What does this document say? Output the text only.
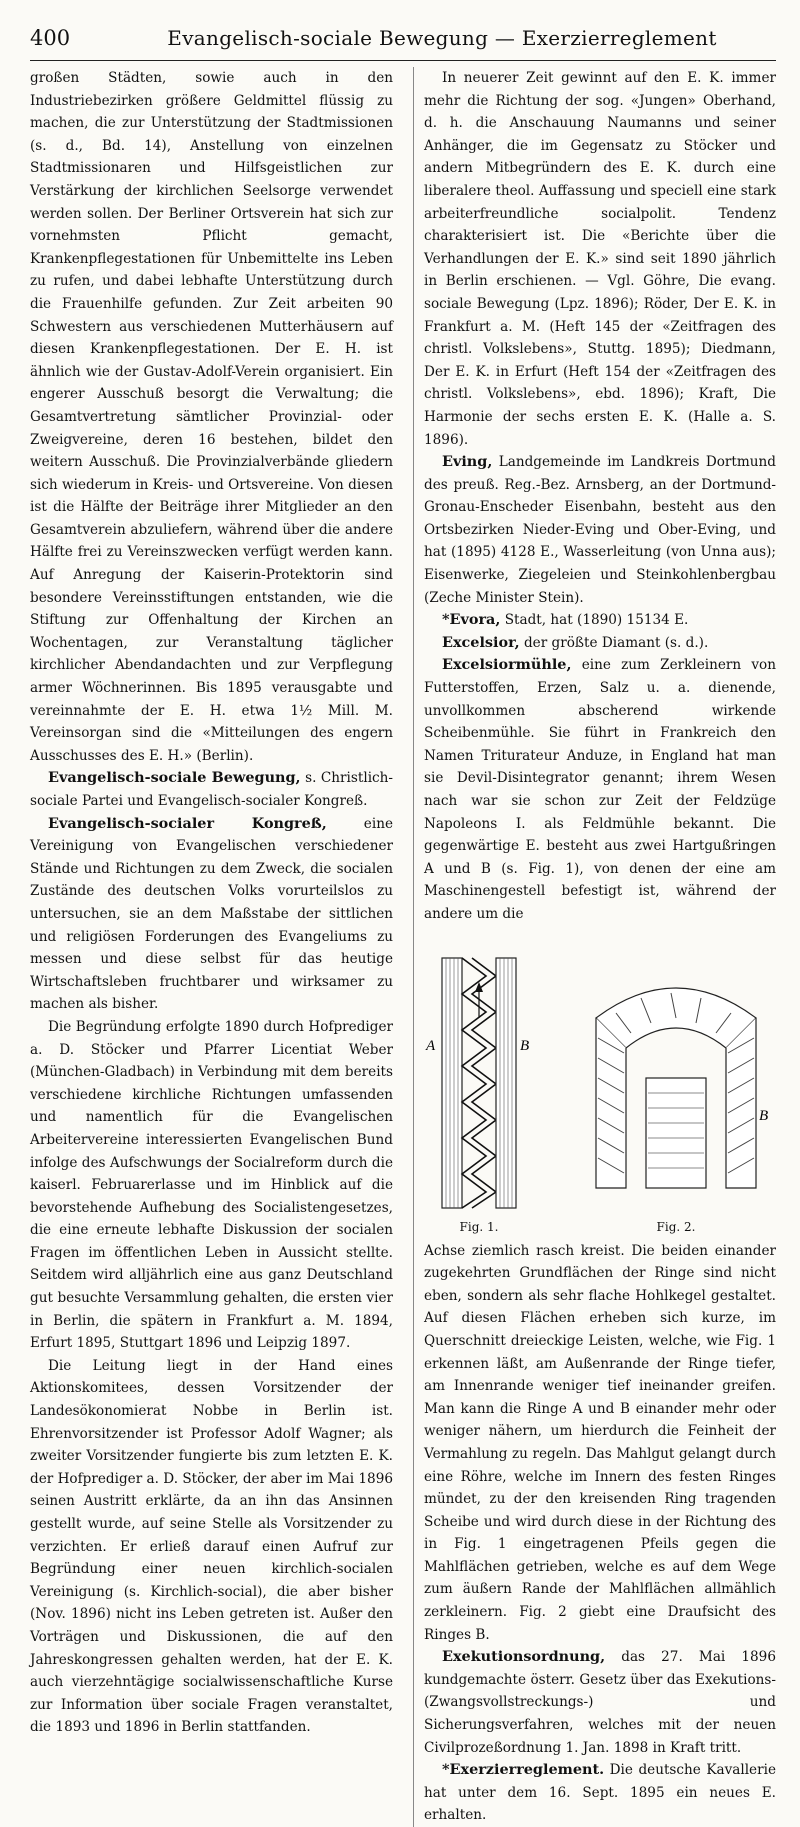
400	Evangelisch-sociale Bewegung — Exerzierreglement

großen Städten, sowie auch in den Industriebezirken größere Geldmittel flüssig zu machen, die zur Unterstützung der Stadtmissionen (s. d., Bd. 14), Anstellung von einzelnen Stadtmissionaren und Hilfsgeistlichen zur Verstärkung der kirchlichen Seelsorge verwendet werden sollen. Der Berliner Ortsverein hat sich zur vornehmsten Pflicht gemacht, Krankenpflegestationen für Unbemittelte ins Leben zu rufen, und dabei lebhafte Unterstützung durch die Frauenhilfe gefunden. Zur Zeit arbeiten 90 Schwestern aus verschiedenen Mutterhäusern auf diesen Krankenpflegestationen. Der E. H. ist ähnlich wie der Gustav-Adolf-Verein organisiert. Ein engerer Ausschuß besorgt die Verwaltung; die Gesamtvertretung sämtlicher Provinzial- oder Zweigvereine, deren 16 bestehen, bildet den weitern Ausschuß. Die Provinzialverbände gliedern sich wiederum in Kreis- und Ortsvereine. Von diesen ist die Hälfte der Beiträge ihrer Mitglieder an den Gesamtverein abzuliefern, während über die andere Hälfte frei zu Vereinszwecken verfügt werden kann. Auf Anregung der Kaiserin-Protektorin sind besondere Vereinsstiftungen entstanden, wie die Stiftung zur Offenhaltung der Kirchen an Wochentagen, zur Veranstaltung täglicher kirchlicher Abendandachten und zur Verpflegung armer Wöchnerinnen. Bis 1895 verausgabte und vereinnahmte der E. H. etwa 1½ Mill. M. Vereinsorgan sind die «Mitteilungen des engern Ausschusses des E. H.» (Berlin).

Evangelisch-sociale Bewegung, s. Christlich-sociale Partei und Evangelisch-socialer Kongreß.

Evangelisch-socialer Kongreß,	eine Vereinigung von Evangelischen verschiedener Stände und Richtungen zu dem Zweck, die socialen Zustände des deutschen Volks vorurteilslos zu untersuchen, sie an dem Maßstabe der sittlichen und religiösen Forderungen des Evangeliums zu messen und diese selbst für das heutige Wirtschaftsleben fruchtbarer und wirksamer zu machen als bisher.

Die Begründung erfolgte 1890 durch Hofprediger a. D. Stöcker und Pfarrer Licentiat Weber (München-Gladbach) in Verbindung mit dem bereits verschiedene kirchliche Richtungen umfassenden und namentlich für die Evangelischen Arbeitervereine interessierten Evangelischen Bund infolge des Aufschwungs der Socialreform durch die kaiserl. Februarerlasse und im Hinblick auf die bevorstehende Aufhebung des Socialistengesetzes, die eine erneute lebhafte Diskussion der socialen Fragen im öffentlichen Leben in Aussicht stellte. Seitdem wird alljährlich eine aus ganz Deutschland gut besuchte Versammlung gehalten, die ersten vier in Berlin, die spätern in Frankfurt a. M. 1894, Erfurt 1895, Stuttgart 1896 und Leipzig 1897.

Die Leitung liegt in der Hand eines Aktionskomitees, dessen Vorsitzender der Landesökonomierat Nobbe in Berlin ist. Ehrenvorsitzender ist Professor Adolf Wagner; als zweiter Vorsitzender fungierte bis zum letzten E. K. der Hofprediger a. D. Stöcker, der aber im Mai 1896 seinen Austritt erklärte, da an ihn das Ansinnen gestellt wurde, auf seine Stelle als Vorsitzender zu verzichten. Er erließ darauf einen Aufruf zur Begründung einer neuen kirchlich-socialen Vereinigung (s. Kirchlich-social), die aber bisher (Nov. 1896) nicht ins Leben getreten ist. Außer den Vorträgen und Diskussionen, die auf den Jahreskongressen gehalten werden, hat der E. K. auch vierzehntägige socialwissenschaftliche Kurse zur Information über sociale Fragen veranstaltet, die 1893 und 1896 in Berlin stattfanden.

In neuerer Zeit gewinnt auf den E. K. immer mehr die Richtung der sog. «Jungen» Oberhand, d. h. die Anschauung Naumanns und seiner Anhänger, die im Gegensatz zu Stöcker und andern Mitbegründern des E. K. durch eine liberalere theol. Auffassung und speciell eine stark arbeiterfreundliche socialpolit. Tendenz charakterisiert ist. Die «Berichte über die Verhandlungen der E. K.» sind seit 1890 jährlich in Berlin erschienen. — Vgl. Göhre, Die evang. sociale Bewegung (Lpz. 1896); Röder, Der E. K. in Frankfurt a. M. (Heft 145 der «Zeitfragen des christl. Volkslebens», Stuttg. 1895); Diedmann, Der E. K. in Erfurt (Heft 154 der «Zeitfragen des christl. Volkslebens», ebd. 1896); Kraft, Die Harmonie der sechs ersten E. K. (Halle a. S. 1896).

Eving, Landgemeinde im Landkreis Dortmund des preuß. Reg.-Bez. Arnsberg, an der Dortmund-Gronau-Enscheder Eisenbahn, besteht aus den Ortsbezirken Nieder-Eving und Ober-Eving, und hat (1895) 4128 E., Wasserleitung (von Unna aus); Eisenwerke, Ziegeleien und Steinkohlenbergbau (Zeche Minister Stein).

*Evora, Stadt, hat (1890) 15134 E.

Excelsior, der größte Diamant (s. d.).

Excelsiormühle, eine zum Zerkleinern von Futterstoffen, Erzen, Salz u. a. dienende, unvollkommen abscherend wirkende Scheibenmühle. Sie führt in Frankreich den Namen Triturateur Anduze, in England hat man sie Devil-Disintegrator genannt; ihrem Wesen nach war sie schon zur Zeit der Feldzüge Napoleons I. als Feldmühle bekannt. Die gegenwärtige E. besteht aus zwei Hartgußringen A und B (s. Fig. 1), von denen der eine am Maschinengestell befestigt ist, während der andere um die

A	B
Fig. 1.
B
Fig. 2.

Achse ziemlich rasch kreist. Die beiden einander zugekehrten Grundflächen der Ringe sind nicht eben, sondern als sehr flache Hohlkegel gestaltet. Auf diesen Flächen erheben sich kurze, im Querschnitt dreieckige Leisten, welche, wie Fig. 1 erkennen läßt, am Außenrande der Ringe tiefer, am Innenrande weniger tief ineinander greifen. Man kann die Ringe A und B einander mehr oder weniger nähern, um hierdurch die Feinheit der Vermahlung zu regeln. Das Mahlgut gelangt durch eine Röhre, welche im Innern des festen Ringes mündet, zu der den kreisenden Ring tragenden Scheibe und wird durch diese in der Richtung des in Fig. 1 eingetragenen Pfeils gegen die Mahlflächen getrieben, welche es auf dem Wege zum äußern Rande der Mahlflächen allmählich zerkleinern. Fig. 2 giebt eine Draufsicht des Ringes B.

Exekutionsordnung, das 27. Mai 1896 kundgemachte österr. Gesetz über das Exekutions- (Zwangsvollstreckungs-) und Sicherungsverfahren, welches mit der neuen Civilprozeßordnung 1. Jan. 1898 in Kraft tritt.

*Exerzierreglement. Die deutsche Kavallerie hat unter dem 16. Sept. 1895 ein neues E. erhalten.
